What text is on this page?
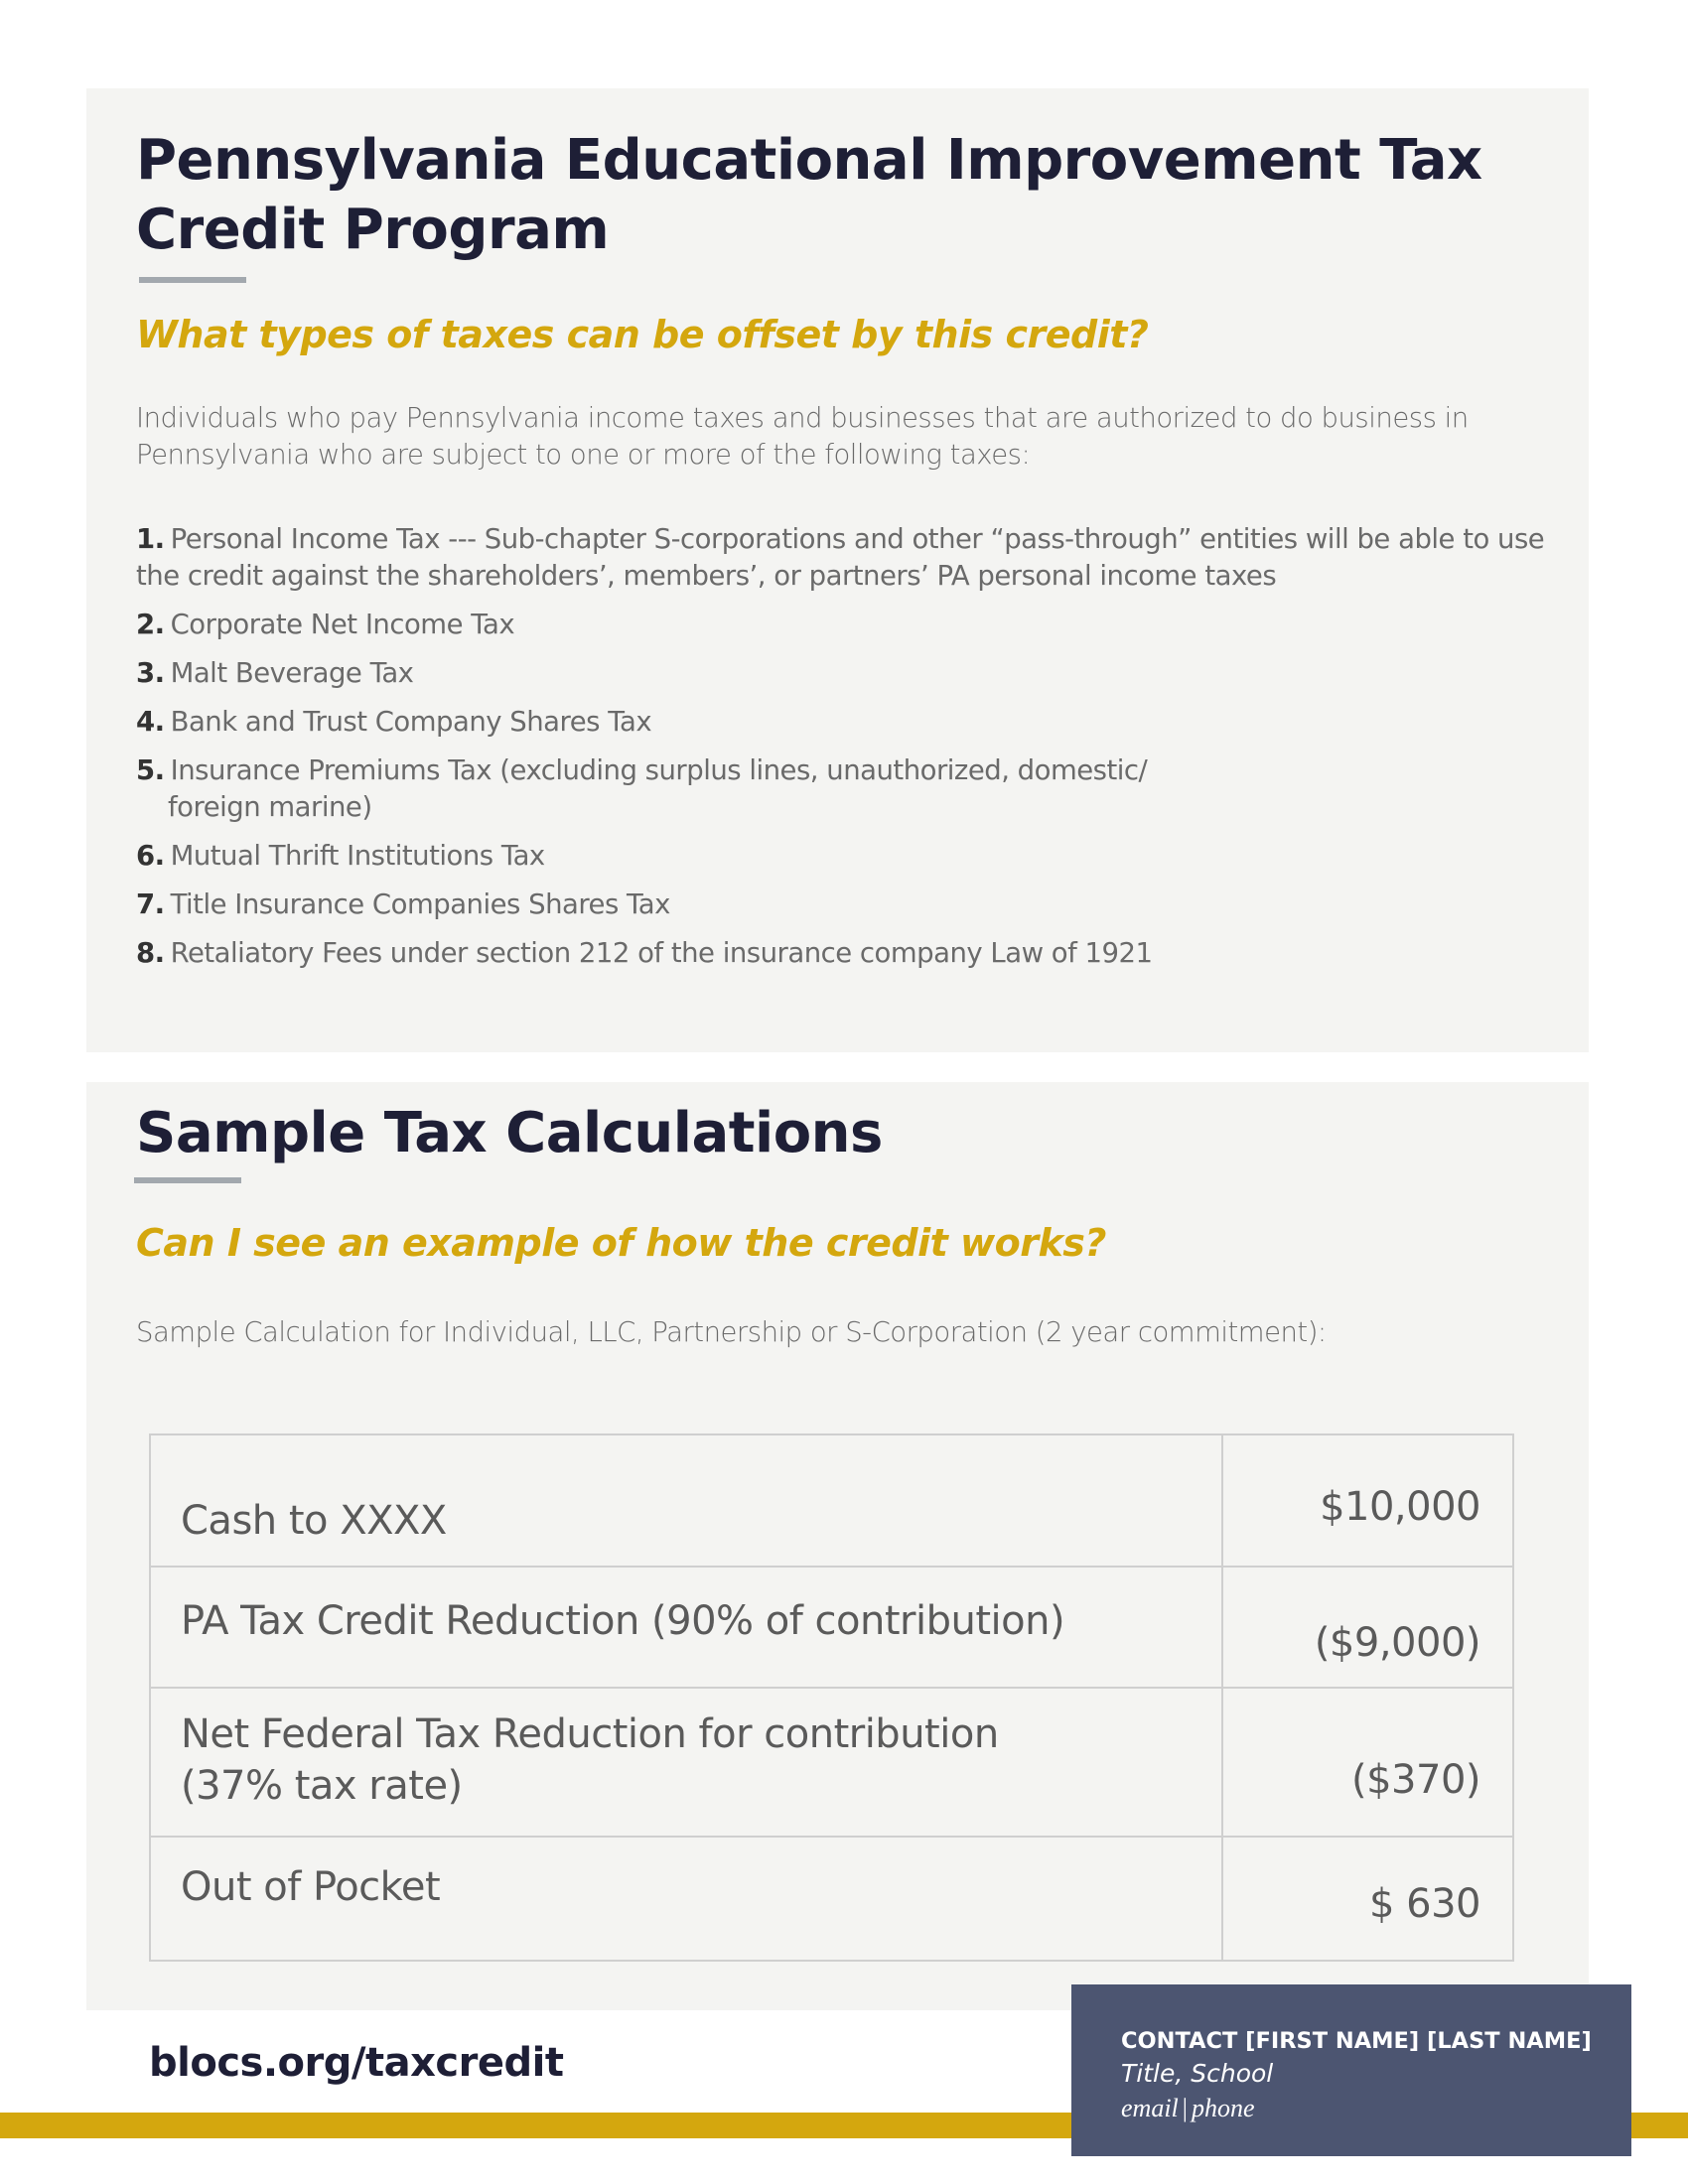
Pennsylvania Educational Improvement Tax Credit Program
What types of taxes can be offset by this credit?

Individuals who pay Pennsylvania income taxes and businesses that are authorized to do business in Pennsylvania who are subject to one or more of the following taxes:

1. Personal Income Tax --- Sub-chapter S-corporations and other “pass-through” entities will be able to use the credit against the shareholders’, members’, or partners’ PA personal income taxes
2. Corporate Net Income Tax
3. Malt Beverage Tax
4. Bank and Trust Company Shares Tax
5. Insurance Premiums Tax (excluding surplus lines, unauthorized, domestic/
foreign marine)
6. Mutual Thrift Institutions Tax
7. Title Insurance Companies Shares Tax
8. Retaliatory Fees under section 212 of the insurance company Law of 1921
Sample Tax Calculations
Can I see an example of how the credit works?

Sample Calculation for Individual, LLC, Partnership or S-Corporation (2 year commitment):

Cash to XXXX	$10,000
PA Tax Credit Reduction (90% of contribution)	($9,000)
Net Federal Tax Reduction for contribution
(37% tax rate)	($370)
Out of Pocket	$ 630
blocs.org/taxcredit	CONTACT [FIRST NAME] [LAST NAME]
Title, School
email | phone
